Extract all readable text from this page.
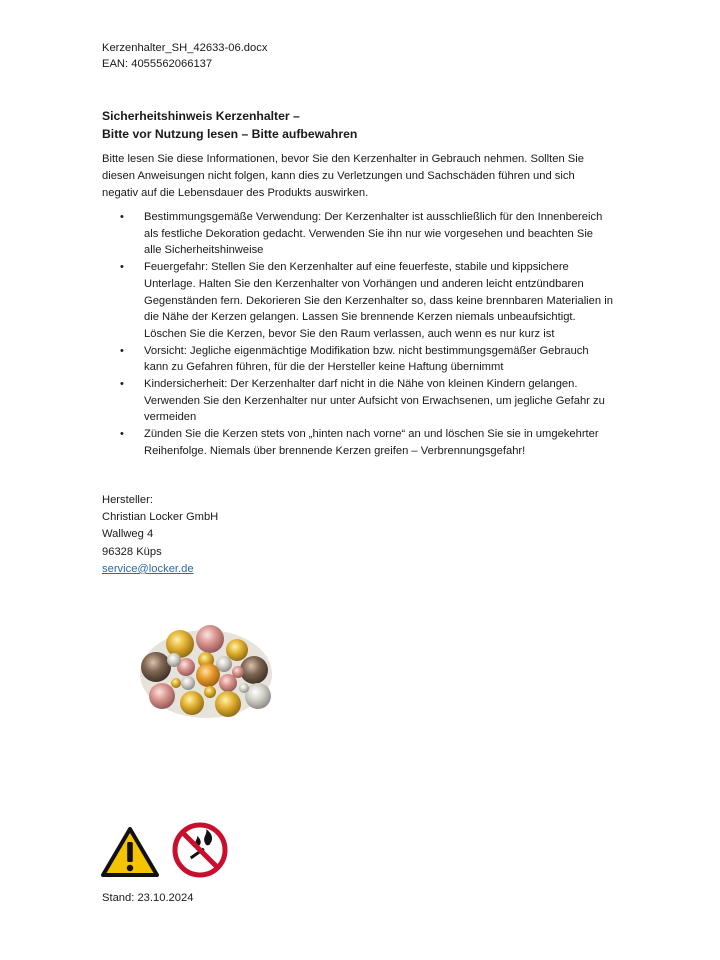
Kerzenhalter_SH_42633-06.docx
EAN: 4055562066137
Sicherheitshinweis Kerzenhalter –
Bitte vor Nutzung lesen – Bitte aufbewahren
Bitte lesen Sie diese Informationen, bevor Sie den Kerzenhalter in Gebrauch nehmen. Sollten Sie
diesen Anweisungen nicht folgen, kann dies zu Verletzungen und Sachschäden führen und sich
negativ auf die Lebensdauer des Produkts auswirken.
• Bestimmungsgemäße Verwendung: Der Kerzenhalter ist ausschließlich für den Innenbereich
als festliche Dekoration gedacht. Verwenden Sie ihn nur wie vorgesehen und beachten Sie
alle Sicherheitshinweise
• Feuergefahr: Stellen Sie den Kerzenhalter auf eine feuerfeste, stabile und kippsichere
Unterlage. Halten Sie den Kerzenhalter von Vorhängen und anderen leicht entzündbaren
Gegenständen fern. Dekorieren Sie den Kerzenhalter so, dass keine brennbaren Materialien in
die Nähe der Kerzen gelangen. Lassen Sie brennende Kerzen niemals unbeaufsichtigt.
Löschen Sie die Kerzen, bevor Sie den Raum verlassen, auch wenn es nur kurz ist
• Vorsicht: Jegliche eigenmächtige Modifikation bzw. nicht bestimmungsgemäßer Gebrauch
kann zu Gefahren führen, für die der Hersteller keine Haftung übernimmt
• Kindersicherheit: Der Kerzenhalter darf nicht in die Nähe von kleinen Kindern gelangen.
Verwenden Sie den Kerzenhalter nur unter Aufsicht von Erwachsenen, um jegliche Gefahr zu
vermeiden
• Zünden Sie die Kerzen stets von „hinten nach vorne“ an und löschen Sie sie in umgekehrter
Reihenfolge. Niemals über brennende Kerzen greifen – Verbrennungsgefahr!
Hersteller:
Christian Locker GmbH
Wallweg 4
96328 Küps
service@locker.de
Stand: 23.10.2024
